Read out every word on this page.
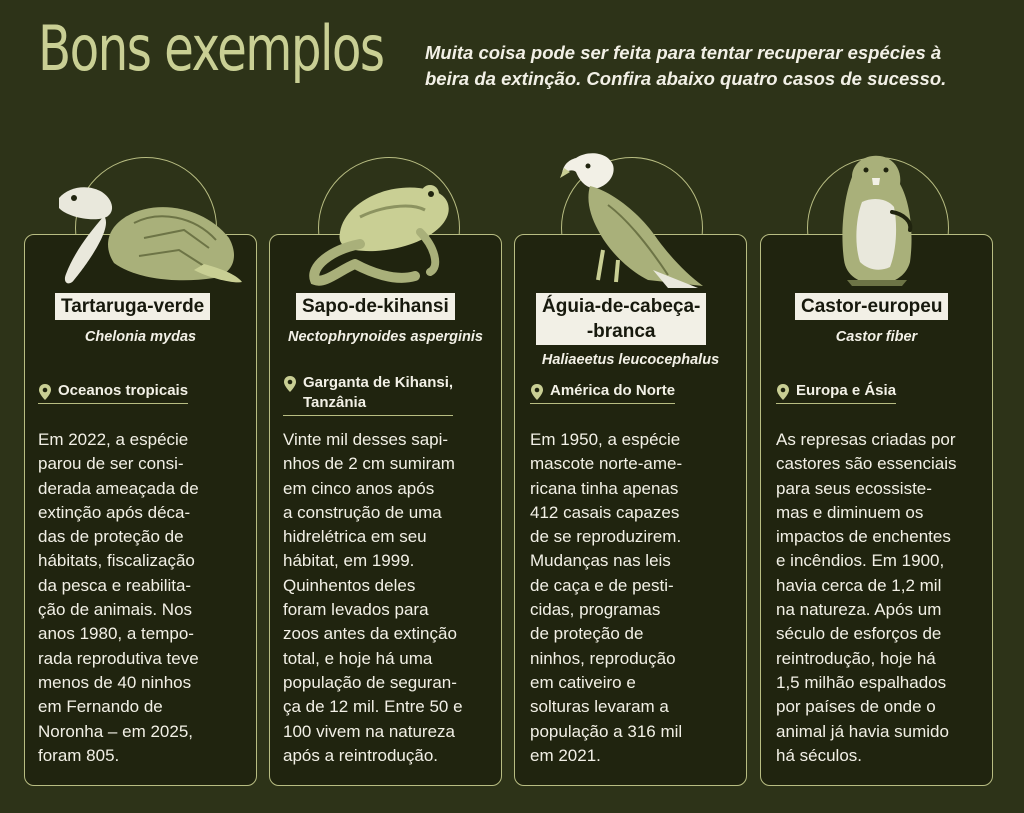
Bons exemplos Muita coisa pode ser feita para tentar recuperar espécies à beira da extinção. Confira abaixo quatro casos de sucesso.

Tartaruga-verde
Chelonia mydas
Oceanos tropicais

Em 2022, a espécie
parou de ser consi-
derada ameaçada de
extinção após déca-
das de proteção de
hábitats, fiscalização
da pesca e reabilita-
ção de animais. Nos
anos 1980, a tempo-
rada reprodutiva teve
menos de 40 ninhos
em Fernando de
Noronha – em 2025,
foram 805.

Sapo-de-kihansi
Nectophrynoides asperginis
Garganta de Kihansi,
Tanzânia

Vinte mil desses sapi-
nhos de 2 cm sumiram
em cinco anos após
a construção de uma
hidrelétrica em seu
hábitat, em 1999.
Quinhentos deles
foram levados para
zoos antes da extinção
total, e hoje há uma
população de seguran-
ça de 12 mil. Entre 50 e
100 vivem na natureza
após a reintrodução.

Águia-de-cabeça-
-branca
Haliaeetus leucocephalus
América do Norte

Em 1950, a espécie
mascote norte-ame-
ricana tinha apenas
412 casais capazes
de se reproduzirem.
Mudanças nas leis
de caça e de pesti-
cidas, programas
de proteção de
ninhos, reprodução
em cativeiro e
solturas levaram a
população a 316 mil
em 2021.

Castor-europeu
Castor fiber
Europa e Ásia

As represas criadas por
castores são essenciais
para seus ecossiste-
mas e diminuem os
impactos de enchentes
e incêndios. Em 1900,
havia cerca de 1,2 mil
na natureza. Após um
século de esforços de
reintrodução, hoje há
1,5 milhão espalhados
por países de onde o
animal já havia sumido
há séculos.
